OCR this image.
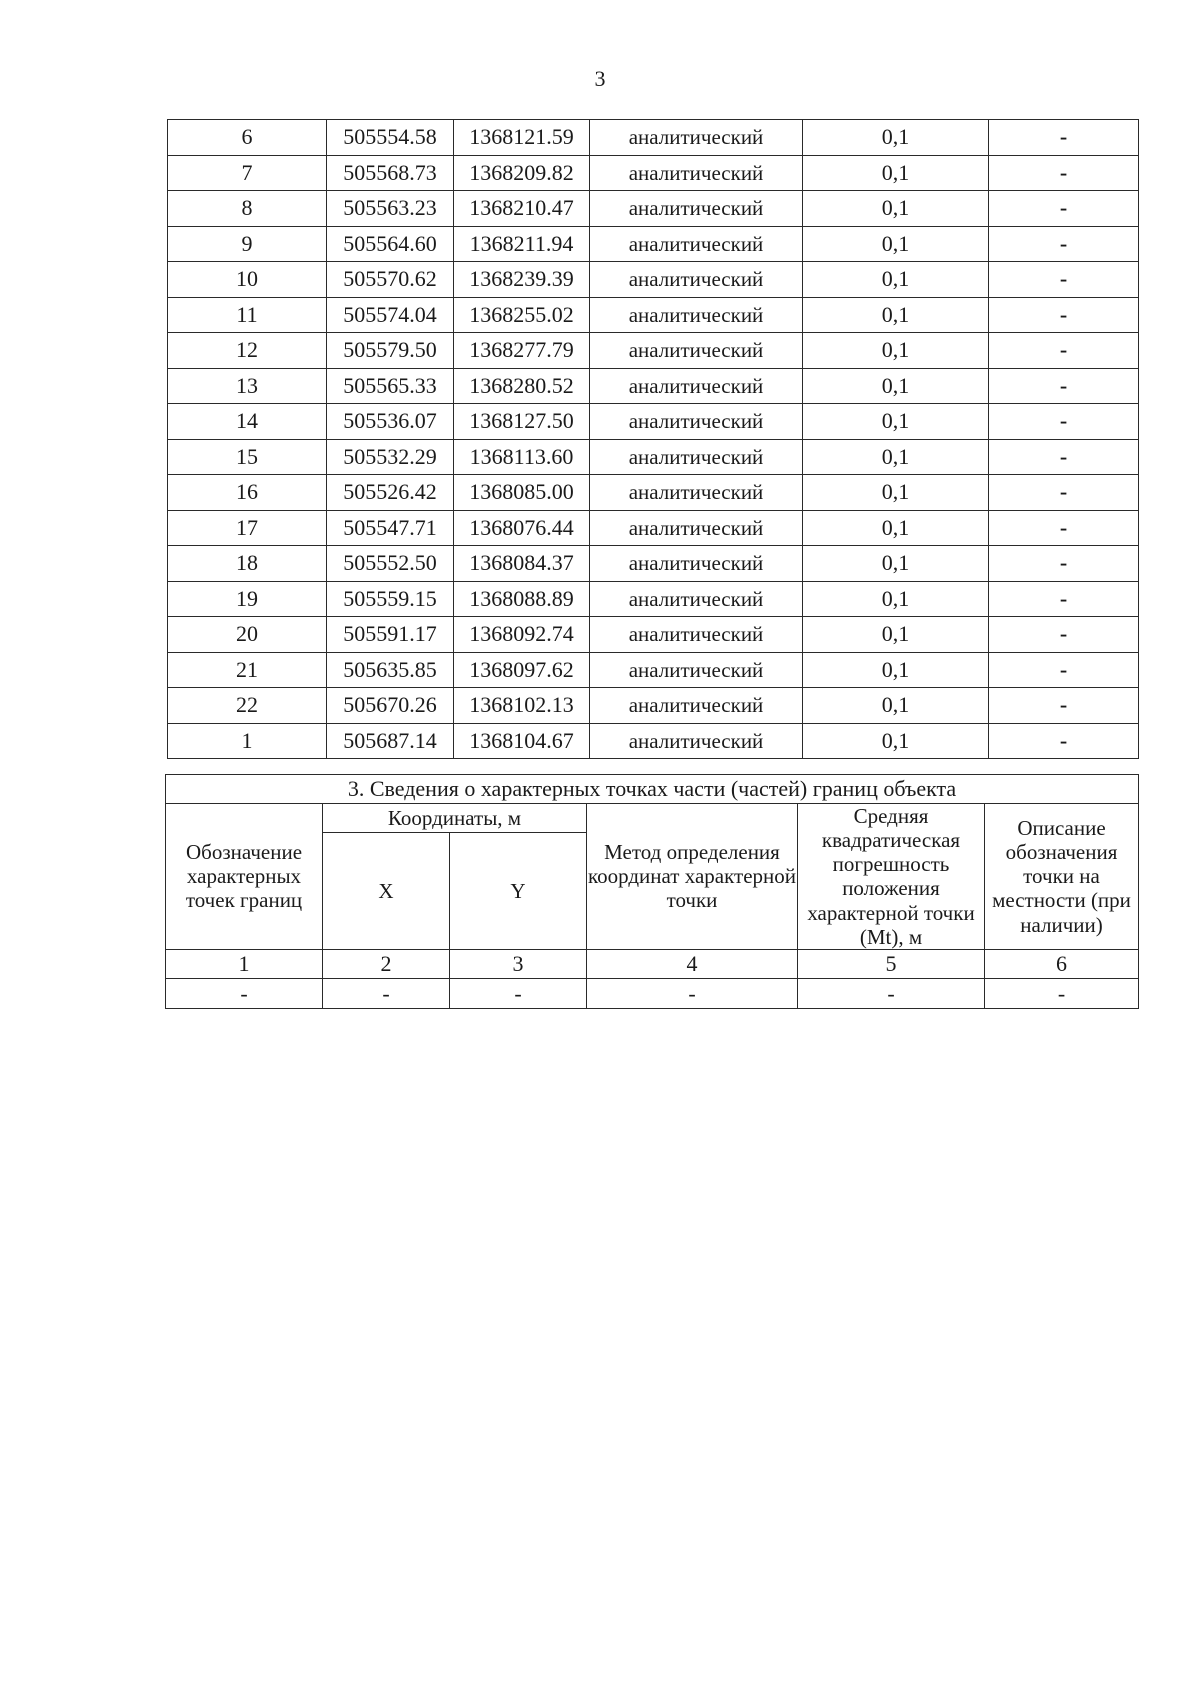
3
6	505554.58	1368121.59	аналитический	0,1	-
7	505568.73	1368209.82	аналитический	0,1	-
8	505563.23	1368210.47	аналитический	0,1	-
9	505564.60	1368211.94	аналитический	0,1	-
10	505570.62	1368239.39	аналитический	0,1	-
11	505574.04	1368255.02	аналитический	0,1	-
12	505579.50	1368277.79	аналитический	0,1	-
13	505565.33	1368280.52	аналитический	0,1	-
14	505536.07	1368127.50	аналитический	0,1	-
15	505532.29	1368113.60	аналитический	0,1	-
16	505526.42	1368085.00	аналитический	0,1	-
17	505547.71	1368076.44	аналитический	0,1	-
18	505552.50	1368084.37	аналитический	0,1	-
19	505559.15	1368088.89	аналитический	0,1	-
20	505591.17	1368092.74	аналитический	0,1	-
21	505635.85	1368097.62	аналитический	0,1	-
22	505670.26	1368102.13	аналитический	0,1	-
1	505687.14	1368104.67	аналитический	0,1	-
3. Сведения о характерных точках части (частей) границ объекта					
Обозначение характерных точек границ	Координаты, м		Метод определения координат характерной точки	Средняя квадратическая погрешность положения характерной точки (Mt), м	Описание обозначения точки на местности (при наличии)
	X	Y			
1	2	3	4	5	6
-	-	-	-	-	-
